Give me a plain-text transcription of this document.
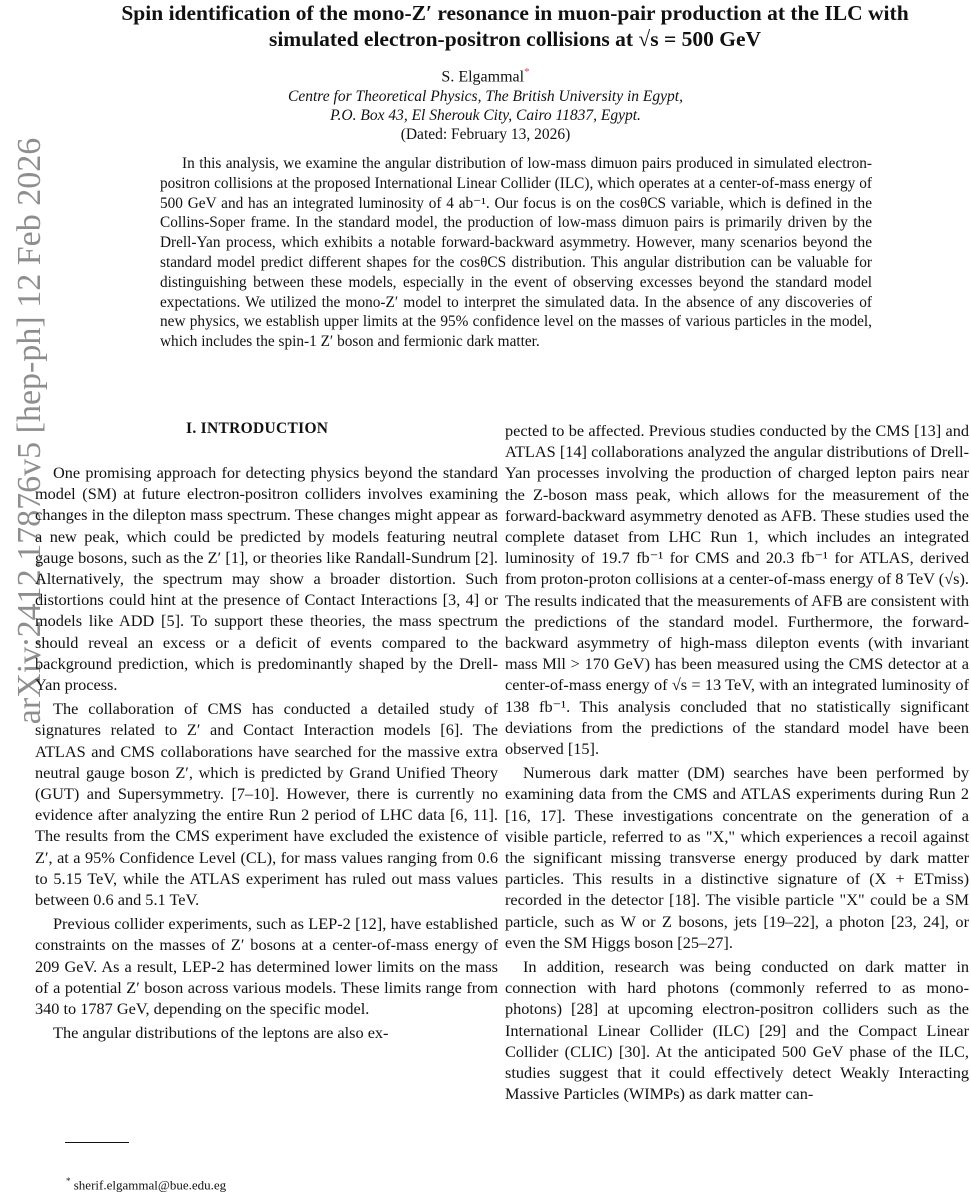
arXiv:2412.17876v5 [hep-ph] 12 Feb 2026
Spin identification of the mono-Z′ resonance in muon-pair production at the ILC with
simulated electron-positron collisions at √s = 500 GeV
S. Elgammal*
Centre for Theoretical Physics, The British University in Egypt,
P.O. Box 43, El Sherouk City, Cairo 11837, Egypt.
(Dated: February 13, 2026)
In this analysis, we examine the angular distribution of low-mass dimuon pairs produced in simulated electron-positron collisions at the proposed International Linear Collider (ILC), which operates at a center-of-mass energy of 500 GeV and has an integrated luminosity of 4 ab⁻¹. Our focus is on the cosθCS variable, which is defined in the Collins-Soper frame. In the standard model, the production of low-mass dimuon pairs is primarily driven by the Drell-Yan process, which exhibits a notable forward-backward asymmetry. However, many scenarios beyond the standard model predict different shapes for the cosθCS distribution. This angular distribution can be valuable for distinguishing between these models, especially in the event of observing excesses beyond the standard model expectations. We utilized the mono-Z′ model to interpret the simulated data. In the absence of any discoveries of new physics, we establish upper limits at the 95% confidence level on the masses of various particles in the model, which includes the spin-1 Z′ boson and fermionic dark matter.
I. INTRODUCTION

One promising approach for detecting physics beyond the standard model (SM) at future electron-positron colliders involves examining changes in the dilepton mass spectrum. These changes might appear as a new peak, which could be predicted by models featuring neutral gauge bosons, such as the Z′ [1], or theories like Randall-Sundrum [2]. Alternatively, the spectrum may show a broader distortion. Such distortions could hint at the presence of Contact Interactions [3, 4] or models like ADD [5]. To support these theories, the mass spectrum should reveal an excess or a deficit of events compared to the background prediction, which is predominantly shaped by the Drell-Yan process.

The collaboration of CMS has conducted a detailed study of signatures related to Z′ and Contact Interaction models [6]. The ATLAS and CMS collaborations have searched for the massive extra neutral gauge boson Z′, which is predicted by Grand Unified Theory (GUT) and Supersymmetry. [7–10]. However, there is currently no evidence after analyzing the entire Run 2 period of LHC data [6, 11]. The results from the CMS experiment have excluded the existence of Z′, at a 95% Confidence Level (CL), for mass values ranging from 0.6 to 5.15 TeV, while the ATLAS experiment has ruled out mass values between 0.6 and 5.1 TeV.

Previous collider experiments, such as LEP-2 [12], have established constraints on the masses of Z′ bosons at a center-of-mass energy of 209 GeV. As a result, LEP-2 has determined lower limits on the mass of a potential Z′ boson across various models. These limits range from 340 to 1787 GeV, depending on the specific model.

The angular distributions of the leptons are also ex-

pected to be affected. Previous studies conducted by the CMS [13] and ATLAS [14] collaborations analyzed the angular distributions of Drell-Yan processes involving the production of charged lepton pairs near the Z-boson mass peak, which allows for the measurement of the forward-backward asymmetry denoted as AFB. These studies used the complete dataset from LHC Run 1, which includes an integrated luminosity of 19.7 fb⁻¹ for CMS and 20.3 fb⁻¹ for ATLAS, derived from proton-proton collisions at a center-of-mass energy of 8 TeV (√s). The results indicated that the measurements of AFB are consistent with the predictions of the standard model. Furthermore, the forward-backward asymmetry of high-mass dilepton events (with invariant mass Mll > 170 GeV) has been measured using the CMS detector at a center-of-mass energy of √s = 13 TeV, with an integrated luminosity of 138 fb⁻¹. This analysis concluded that no statistically significant deviations from the predictions of the standard model have been observed [15].

Numerous dark matter (DM) searches have been performed by examining data from the CMS and ATLAS experiments during Run 2 [16, 17]. These investigations concentrate on the generation of a visible particle, referred to as "X," which experiences a recoil against the significant missing transverse energy produced by dark matter particles. This results in a distinctive signature of (X + ETmiss) recorded in the detector [18]. The visible particle "X" could be a SM particle, such as W or Z bosons, jets [19–22], a photon [23, 24], or even the SM Higgs boson [25–27].

In addition, research was being conducted on dark matter in connection with hard photons (commonly referred to as mono-photons) [28] at upcoming electron-positron colliders such as the International Linear Collider (ILC) [29] and the Compact Linear Collider (CLIC) [30]. At the anticipated 500 GeV phase of the ILC, studies suggest that it could effectively detect Weakly Interacting Massive Particles (WIMPs) as dark matter can-

* sherif.elgammal@bue.edu.eg
